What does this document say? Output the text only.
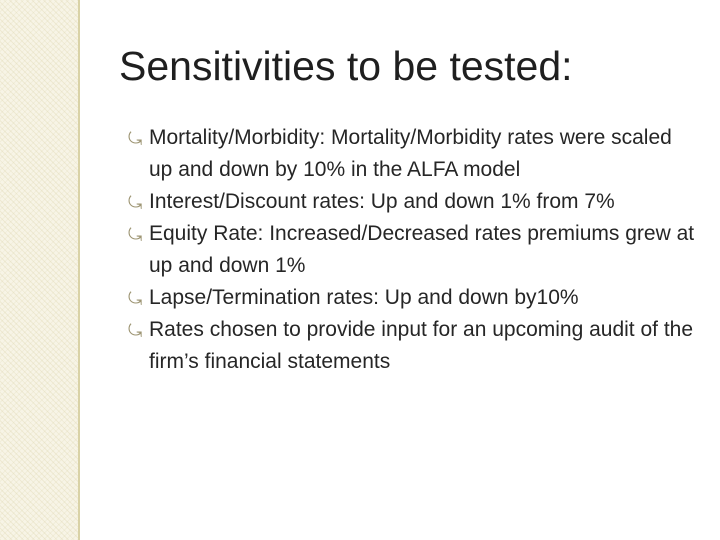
Sensitivities to be tested:
⤿ Mortality/Morbidity: Mortality/Morbidity rates were scaled up and down by 10% in the ALFA model
⤿ Interest/Discount rates: Up and down 1% from 7%
⤿ Equity Rate: Increased/Decreased rates premiums grew at up and down 1%
⤿ Lapse/Termination rates: Up and down by10%
⤿ Rates chosen to provide input for an upcoming audit of the firm’s financial statements
